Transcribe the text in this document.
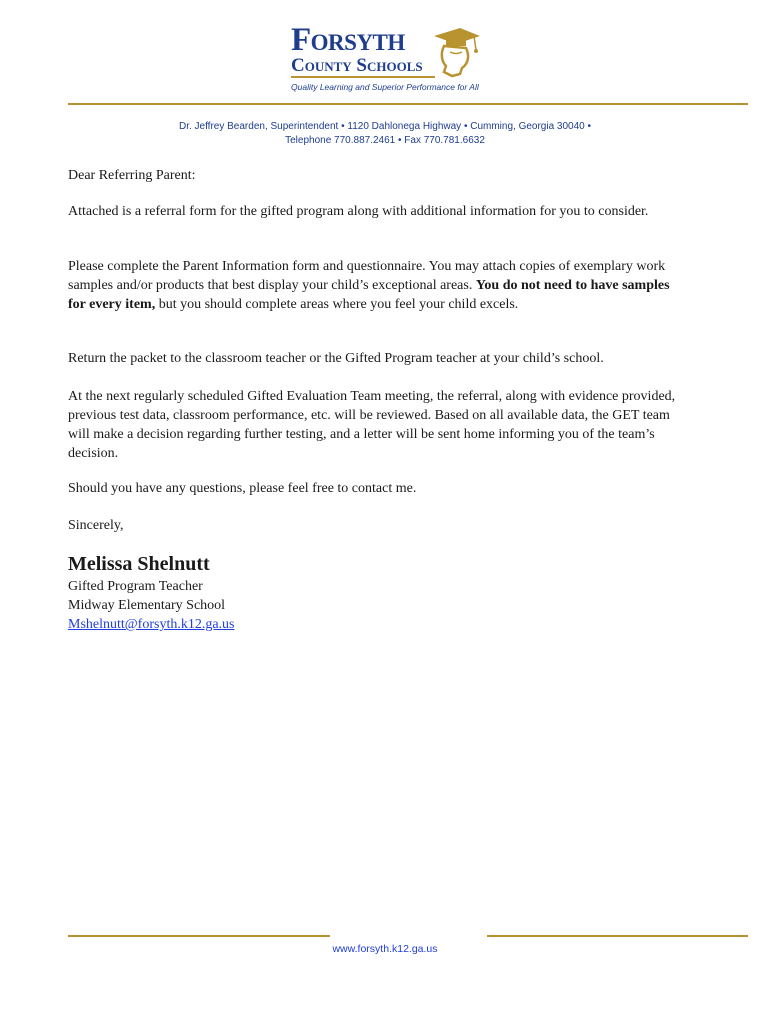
Forsyth
County Schools
Quality Learning and Superior Performance for All
Dr. Jeffrey Bearden, Superintendent • 1120 Dahlonega Highway • Cumming, Georgia 30040 •
Telephone 770.887.2461 • Fax 770.781.6632
Dear Referring Parent:
Attached is a referral form for the gifted program along with additional information for you to consider.
Please complete the Parent Information form and questionnaire. You may attach copies of exemplary work samples and/or products that best display your child’s exceptional areas. You do not need to have samples for every item, but you should complete areas where you feel your child excels.
Return the packet to the classroom teacher or the Gifted Program teacher at your child’s school.
At the next regularly scheduled Gifted Evaluation Team meeting, the referral, along with evidence provided, previous test data, classroom performance, etc. will be reviewed. Based on all available data, the GET team will make a decision regarding further testing, and a letter will be sent home informing you of the team’s decision.
Should you have any questions, please feel free to contact me.
Sincerely,
Melissa Shelnutt
Gifted Program Teacher
Midway Elementary School
Mshelnutt@forsyth.k12.ga.us
www.forsyth.k12.ga.us
